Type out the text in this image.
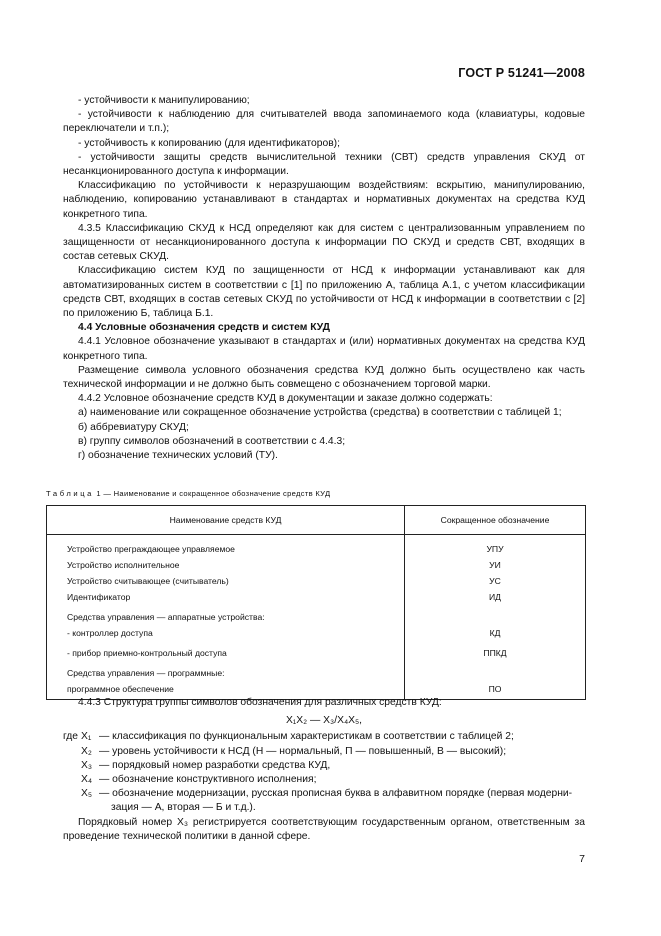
ГОСТ Р 51241—2008

- устойчивости к манипулированию;

- устойчивости к наблюдению для считывателей ввода запоминаемого кода (клавиатуры, кодовые переключатели и т.п.);

- устойчивость к копированию (для идентификаторов);

- устойчивости защиты средств вычислительной техники (СВТ) средств управления СКУД от несанкционированного доступа к информации.

Классификацию по устойчивости к неразрушающим воздействиям: вскрытию, манипулированию, наблюдению, копированию устанавливают в стандартах и нормативных документах на средства КУД конкретного типа.

4.3.5 Классификацию СКУД к НСД определяют как для систем с централизованным управлением по защищенности от несанкционированного доступа к информации ПО СКУД и средств СВТ, входящих в состав сетевых СКУД.

Классификацию систем КУД по защищенности от НСД к информации устанавливают как для автоматизированных систем в соответствии с [1] по приложению А, таблица А.1, с учетом классификации средств СВТ, входящих в состав сетевых СКУД по устойчивости от НСД к информации в соответствии с [2] по приложению Б, таблица Б.1.

4.4 Условные обозначения средств и систем КУД

4.4.1 Условное обозначение указывают в стандартах и (или) нормативных документах на средства КУД конкретного типа.

Размещение символа условного обозначения средства КУД должно быть осуществлено как часть технической информации и не должно быть совмещено с обозначением торговой марки.

4.4.2 Условное обозначение средств КУД в документации и заказе должно содержать:

а) наименование или сокращенное обозначение устройства (средства) в соответствии с таблицей 1;

б) аббревиатуру СКУД;

в) группу символов обозначений в соответствии с 4.4.3;

г) обозначение технических условий (ТУ).

Таблица 1 — Наименование и сокращенное обозначение средств КУД
Наименование средств КУД	Сокращенное обозначение
Устройство преграждающее управляемое	УПУ
Устройство исполнительное	УИ
Устройство считывающее (считыватель)	УС
Идентификатор	ИД
Средства управления — аппаратные устройства:	
- контроллер доступа	КД
- прибор приемно-контрольный доступа	ППКД
Средства управления — программные:	
программное обеспечение	ПО

4.4.3 Структура группы символов обозначения для различных средств КУД:

X₁X₂ — X₃/X₄X₅,

где X₁ — классификация по функциональным характеристикам в соответствии с таблицей 2;
X₂ — уровень устойчивости к НСД (Н — нормальный, П — повышенный, В — высокий);
X₃ — порядковый номер разработки средства КУД,
X₄ — обозначение конструктивного исполнения;
X₅ — обозначение модернизации, русская прописная буква в алфавитном порядке (первая модерни-

зация — А, вторая — Б и т.д.).

Порядковый номер X₃ регистрируется соответствующим государственным органом, ответственным за проведение технической политики в данной сфере.

7
